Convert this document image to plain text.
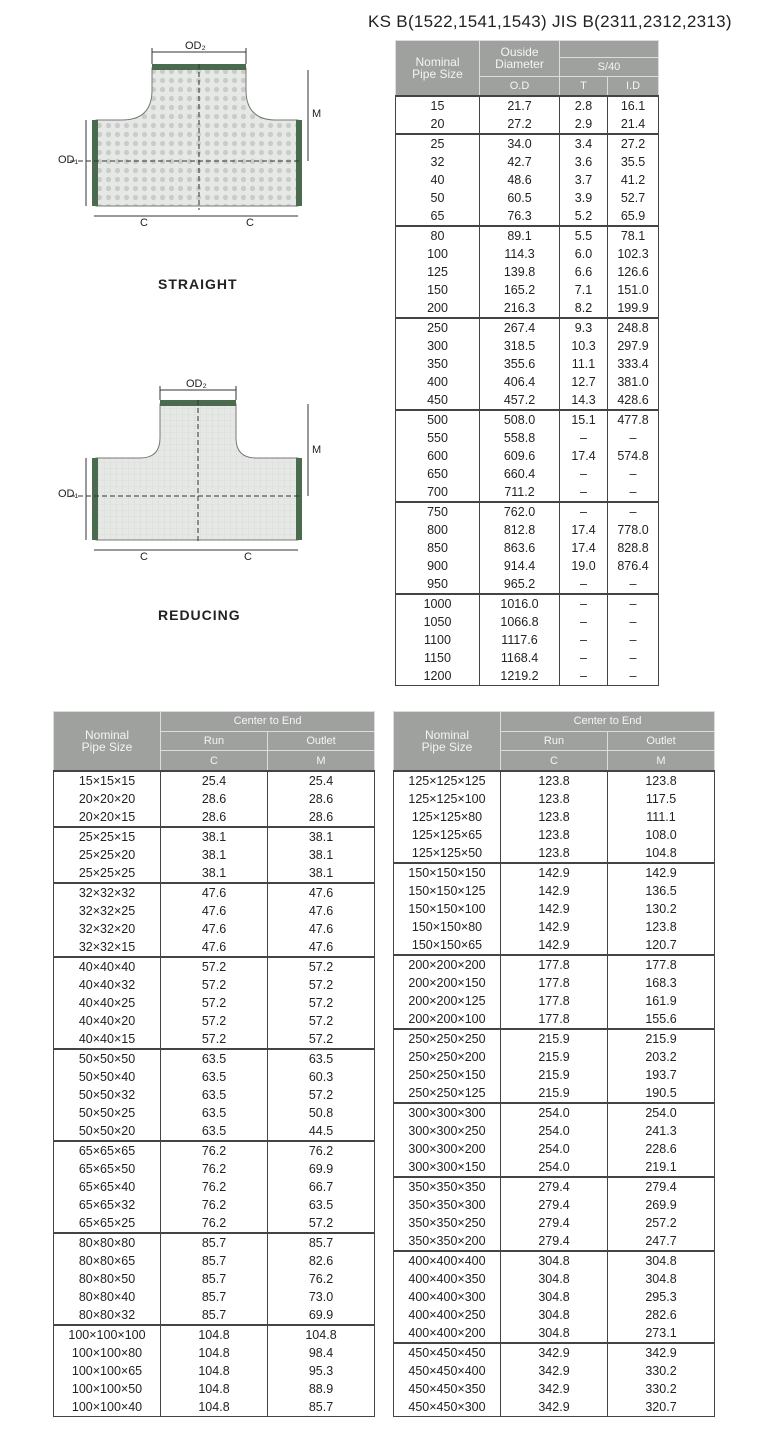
KS B(1522,1541,1543) JIS B(2311,2312,2313)
OD₂
M
OD₁
C	C
STRAIGHT
OD₂
M
OD₁
C	C
REDUCING
Nominal Pipe Size	Ouside Diameter		
		S/40	
	O.D	T	I.D
15	21.7	2.8	16.1
20	27.2	2.9	21.4
25	34.0	3.4	27.2
32	42.7	3.6	35.5
40	48.6	3.7	41.2
50	60.5	3.9	52.7
65	76.3	5.2	65.9
80	89.1	5.5	78.1
100	114.3	6.0	102.3
125	139.8	6.6	126.6
150	165.2	7.1	151.0
200	216.3	8.2	199.9
250	267.4	9.3	248.8
300	318.5	10.3	297.9
350	355.6	11.1	333.4
400	406.4	12.7	381.0
450	457.2	14.3	428.6
500	508.0	15.1	477.8
550	558.8	–	–
600	609.6	17.4	574.8
650	660.4	–	–
700	711.2	–	–
750	762.0	–	–
800	812.8	17.4	778.0
850	863.6	17.4	828.8
900	914.4	19.0	876.4
950	965.2	–	–
1000	1016.0	–	–
1050	1066.8	–	–
1100	1117.6	–	–
1150	1168.4	–	–
1200	1219.2	–	–
Nominal Pipe Size	Center to End	
	Run	Outlet
	C	M
15×15×15	25.4	25.4
20×20×20	28.6	28.6
20×20×15	28.6	28.6
25×25×15	38.1	38.1
25×25×20	38.1	38.1
25×25×25	38.1	38.1
32×32×32	47.6	47.6
32×32×25	47.6	47.6
32×32×20	47.6	47.6
32×32×15	47.6	47.6
40×40×40	57.2	57.2
40×40×32	57.2	57.2
40×40×25	57.2	57.2
40×40×20	57.2	57.2
40×40×15	57.2	57.2
50×50×50	63.5	63.5
50×50×40	63.5	60.3
50×50×32	63.5	57.2
50×50×25	63.5	50.8
50×50×20	63.5	44.5
65×65×65	76.2	76.2
65×65×50	76.2	69.9
65×65×40	76.2	66.7
65×65×32	76.2	63.5
65×65×25	76.2	57.2
80×80×80	85.7	85.7
80×80×65	85.7	82.6
80×80×50	85.7	76.2
80×80×40	85.7	73.0
80×80×32	85.7	69.9
100×100×100	104.8	104.8
100×100×80	104.8	98.4
100×100×65	104.8	95.3
100×100×50	104.8	88.9
100×100×40	104.8	85.7
Nominal Pipe Size	Center to End	
	Run	Outlet
	C	M
125×125×125	123.8	123.8
125×125×100	123.8	117.5
125×125×80	123.8	111.1
125×125×65	123.8	108.0
125×125×50	123.8	104.8
150×150×150	142.9	142.9
150×150×125	142.9	136.5
150×150×100	142.9	130.2
150×150×80	142.9	123.8
150×150×65	142.9	120.7
200×200×200	177.8	177.8
200×200×150	177.8	168.3
200×200×125	177.8	161.9
200×200×100	177.8	155.6
250×250×250	215.9	215.9
250×250×200	215.9	203.2
250×250×150	215.9	193.7
250×250×125	215.9	190.5
300×300×300	254.0	254.0
300×300×250	254.0	241.3
300×300×200	254.0	228.6
300×300×150	254.0	219.1
350×350×350	279.4	279.4
350×350×300	279.4	269.9
350×350×250	279.4	257.2
350×350×200	279.4	247.7
400×400×400	304.8	304.8
400×400×350	304.8	304.8
400×400×300	304.8	295.3
400×400×250	304.8	282.6
400×400×200	304.8	273.1
450×450×450	342.9	342.9
450×450×400	342.9	330.2
450×450×350	342.9	330.2
450×450×300	342.9	320.7
